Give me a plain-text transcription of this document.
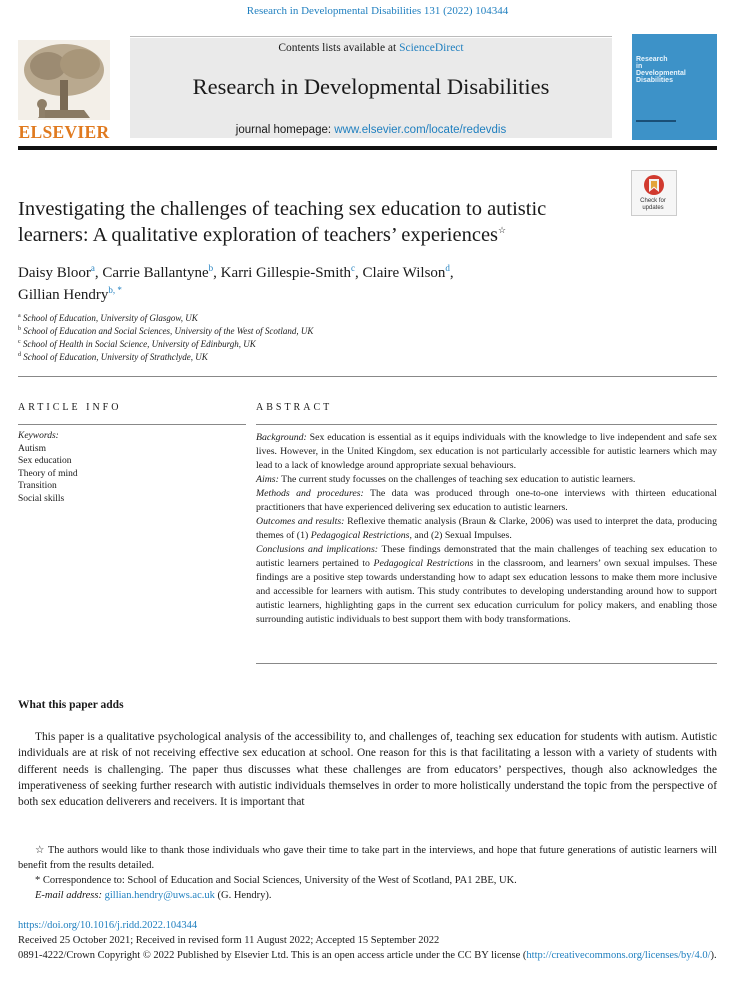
Research in Developmental Disabilities 131 (2022) 104344
Contents lists available at ScienceDirect
Research in Developmental Disabilities
journal homepage: www.elsevier.com/locate/redevdis
ELSEVIER
Research
in
Developmental
Disabilities
Check for updates
Investigating the challenges of teaching sex education to autistic learners: A qualitative exploration of teachers’ experiences☆
Daisy Bloor$^a$, Carrie Ballantyne$^b$, Karri Gillespie-Smith$^c$, Claire Wilson$^d$,
Gillian Hendry$^{b, *}$
$^a$ School of Education, University of Glasgow, UK
$^b$ School of Education and Social Sciences, University of the West of Scotland, UK
$^c$ School of Health in Social Science, University of Edinburgh, UK
$^d$ School of Education, University of Strathclyde, UK
ARTICLE INFO	ABSTRACT
Keywords:
Autism
Sex education
Theory of mind
Transition
Social skills

Background: Sex education is essential as it equips individuals with the knowledge to live independent and safe sex lives. However, in the United Kingdom, sex education is not particularly accessible for autistic learners which may lead to a lack of knowledge around appropriate sexual behaviours.

Aims: The current study focusses on the challenges of teaching sex education to autistic learners.

Methods and procedures: The data was produced through one-to-one interviews with thirteen educational practitioners that have experienced delivering sex education to autistic learners.

Outcomes and results: Reflexive thematic analysis (Braun & Clarke, 2006) was used to interpret the data, producing themes of (1) Pedagogical Restrictions, and (2) Sexual Impulses.

Conclusions and implications: These findings demonstrated that the main challenges of teaching sex education to autistic learners pertained to Pedagogical Restrictions in the classroom, and learners’ own sexual impulses. These findings are a positive step towards understanding how to adapt sex education lessons to make them more inclusive and accessible for learners with autism. This study contributes to developing understanding around how to support autistic learners, highlighting gaps in the current sex education curriculum for policy makers, and enabling those surrounding autistic individuals to best support them with body transformations.

What this paper adds
This paper is a qualitative psychological analysis of the accessibility to, and challenges of, teaching sex education for students with autism. Autistic individuals are at risk of not receiving effective sex education at school. One reason for this is that facilitating a lesson with a variety of students with different needs is challenging. The paper thus discusses what these challenges are from educators’ perspectives, though also acknowledges the imperativeness of seeking further research with autistic individuals themselves in order to more holistically understand the topic from the perspective of both sex education deliverers and receivers. It is important that

☆ The authors would like to thank those individuals who gave their time to take part in the interviews, and hope that future generations of autistic learners will benefit from the results detailed.

* Correspondence to: School of Education and Social Sciences, University of the West of Scotland, PA1 2BE, UK.

E-mail address: gillian.hendry@uws.ac.uk (G. Hendry).

https://doi.org/10.1016/j.ridd.2022.104344

Received 25 October 2021; Received in revised form 11 August 2022; Accepted 15 September 2022

0891-4222/Crown Copyright © 2022 Published by Elsevier Ltd. This is an open access article under the CC BY license (http://creativecommons.org/licenses/by/4.0/).
